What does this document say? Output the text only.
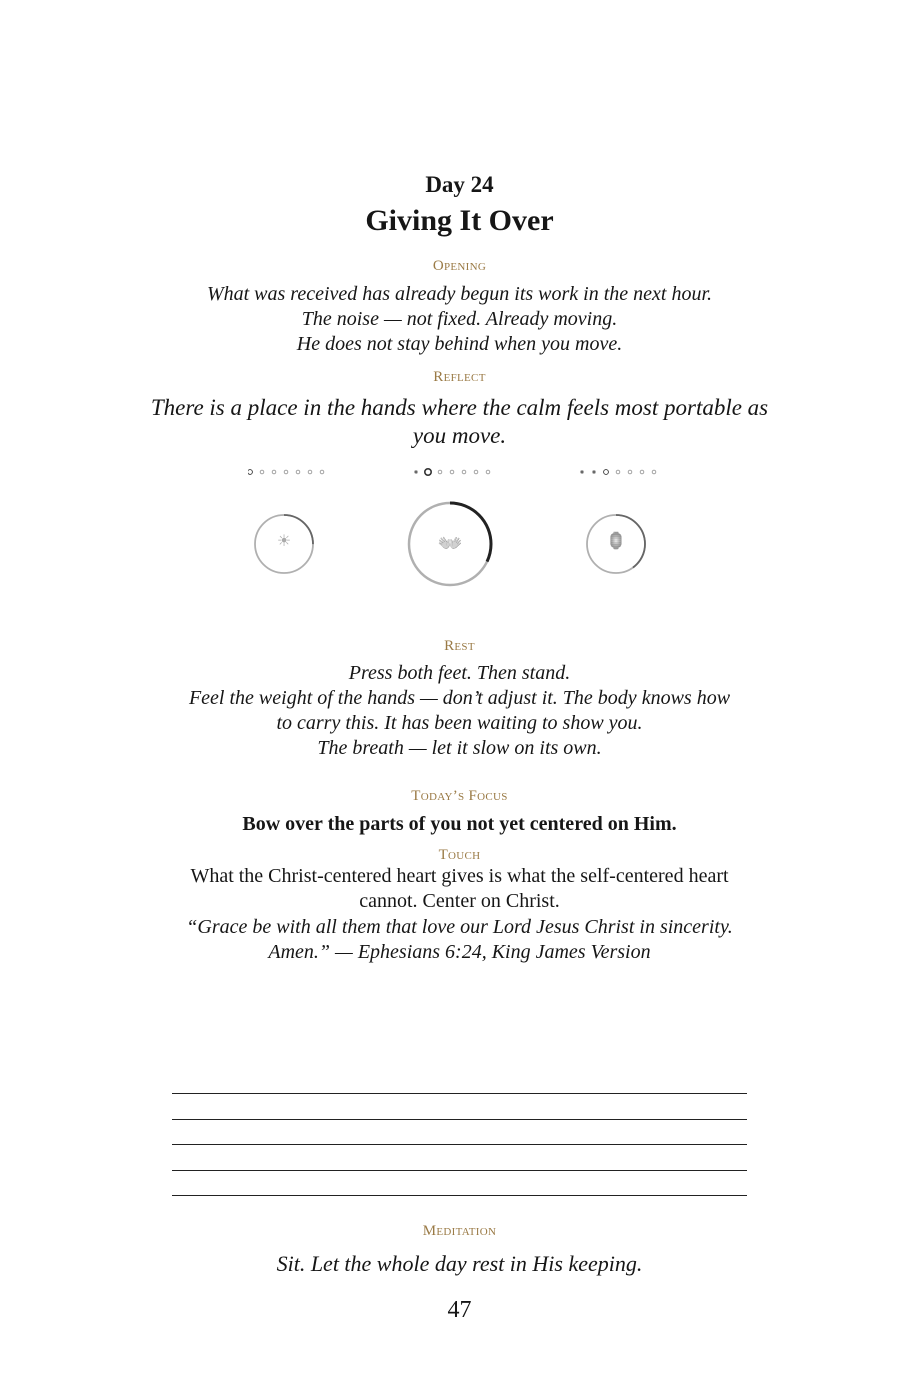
Day 24
Giving It Over
Opening
What was received has already begun its work in the next hour.
The noise — not fixed. Already moving.
He does not stay behind when you move.
Reflect
There is a place in the hands where the calm feels most portable as you move.
☀	👐	🏮
Rest
Press both feet. Then stand.
Feel the weight of the hands — don’t adjust it. The body knows how
to carry this. It has been waiting to show you.
The breath — let it slow on its own.
Today’s Focus
Bow over the parts of you not yet centered on Him.
Touch
What the Christ-centered heart gives is what the self-centered heart cannot. Center on Christ.
“Grace be with all them that love our Lord Jesus Christ in sincerity. Amen.” — Ephesians 6:24, King James Version
Meditation
Sit. Let the whole day rest in His keeping.
47
